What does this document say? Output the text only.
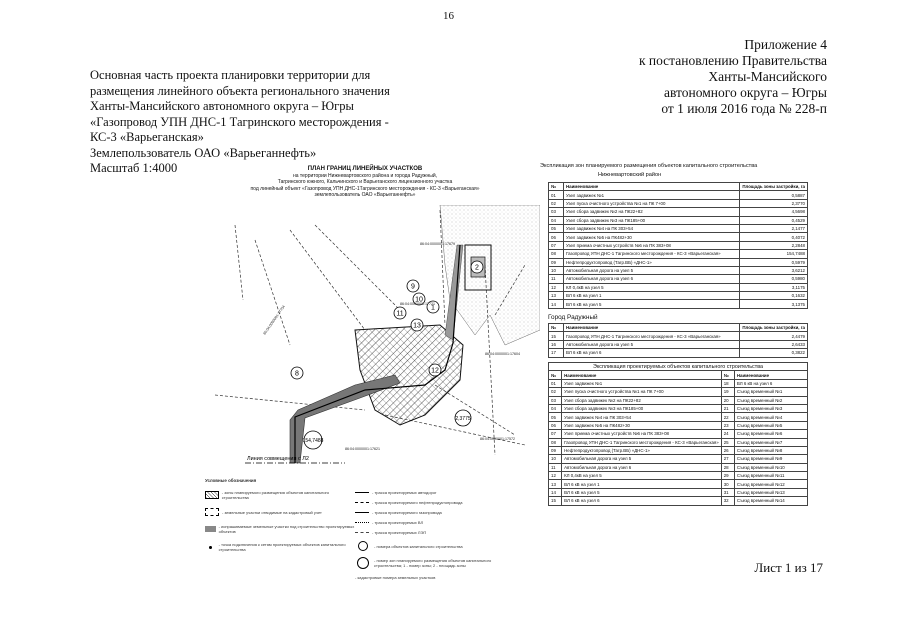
16
Приложение 4
к постановлению Правительства
Ханты-Мансийского
автономного округа – Югры
от 1 июля 2016 года № 228-п
Основная часть проекта планировки территории для
размещения линейного объекта регионального значения
Ханты-Мансийского автономного округа – Югры
«Газопровод УПН ДНС-1 Тагринского месторождения -
КС-3 «Варьеганская»
Землепользователь ОАО «Варьеганнефть»
Масштаб 1:4000	ПЛАН ГРАНИЦ ЛИНЕЙНЫХ УЧАСТКОВ
на территории Нижневартовского района и города Радужный,
Тагринского южного, Кальчинского и Варьеганского лицензионного участка
под линейный объект «Газопровод УПН ДНС-1Тагринского месторождения - КС-3 «Варьеганская»
землепользователь ОАО «Варьеганнефть»
1
2
8
9
10
11
12
13
154,7488
2,3775
86:04:0000001:17679
86:04:0000001:17721
86:04:0000001:17754
86:04:0000001:17604
86:04:0000001:17572
86:04:0000001:17621
Линия совмещения с Л2
Условные обозначения
- зоны планируемого размещения объектов капитального строительства
- земельные участки отводимые на кадастровый учет
- испрашиваемые земельные участки под строительство проектируемых объектов
- точка подключения к сетям проектируемых объектов капитального строительства
- трасса проектируемых автодорог
- трасса проектируемого нефтепродуктопровода
- трасса проектируемого газопровода
- трасса проектируемых ВЛ
- трасса проектируемых ЛЭП
- номера объектов капитального строительства
- номер зон планируемого размещения объектов капитального строительства; 1 - номер зоны; 2 - площадь зоны
- кадастровые номера земельных участков
Экспликация зон планируемого размещения объектов капитального строительства
Нижневартовский район
№	Наименование	Площадь зоны застройки, га
01	Узел задвижек №1	0,5887
02	Узел пуска очистного устройства №1 на ПК 7+00	2,3770
03	Узел сбора задвижек №2 на ПК22+82	4,5698
04	Узел сбора задвижек №3 на ПК185+00	0,4529
05	Узел задвижек №4 на ПК 303+54	2,1477
06	Узел задвижек №5 на ПК482+30	0,4072
07	Узел приема очистных устройств №6 на ПК 383+08	2,2848
08	Газопровод УПН ДНС-1 Тагринского месторождения - КС-3 «Варьеганская»	154,7488
09	Нефтепродуктопровод (Тагр.ВБ) «ДНС-1»	0,5979
10	Автомобильная дорога на узел 5	3,6212
11	Автомобильная дорога на узел 6	0,5980
12	КЛ 0,4кВ на узел 5	3,1175
13	ВЛ 6 кВ на узел 1	0,1632
14	ВЛ 6 кВ на узел 5	3,1375
Город Радужный
№	Наименование	Площадь зоны застройки, га
15	Газопровод УПН ДНС-1 Тагринского месторождения - КС-3 «Варьеганская»	2,4479
16	Автомобильная дорога на узел 5	2,6433
17	ВЛ 6 кВ на узел 6	0,3822
Экспликация проектируемых объектов капитального строительства			
№	Наименование	№	Наименование
01	Узел задвижек №1	18	ВЛ 6 кВ на узел 6
02	Узел пуска очистного устройства №1 на ПК 7+00	19	Съезд временный №1
03	Узел сбора задвижек №2 на ПК22+82	20	Съезд временный №2
04	Узел сбора задвижек №3 на ПК185+00	21	Съезд временный №3
05	Узел задвижек №4 на ПК 303+54	22	Съезд временный №4
06	Узел задвижек №5 на ПК482+30	23	Съезд временный №5
07	Узел приема очистных устройств №6 на ПК 383+08	24	Съезд временный №6
08	Газопровод УПН ДНС-1 Тагринского месторождения - КС-3 «Варьеганская»	25	Съезд временный №7
09	Нефтепродуктопровод (Тагр.ВБ) «ДНС-1»	26	Съезд временный №8
10	Автомобильная дорога на узел 5	27	Съезд временный №9
11	Автомобильная дорога на узел 6	28	Съезд временный №10
12	КЛ 0,4кВ на узел 5	29	Съезд временный №11
13	ВЛ 6 кВ на узел 1	30	Съезд временный №12
14	ВЛ 6 кВ на узел 5	31	Съезд временный №13
15	ВЛ 6 кВ на узел 6	32	Съезд временный №14
Лист 1 из 17
